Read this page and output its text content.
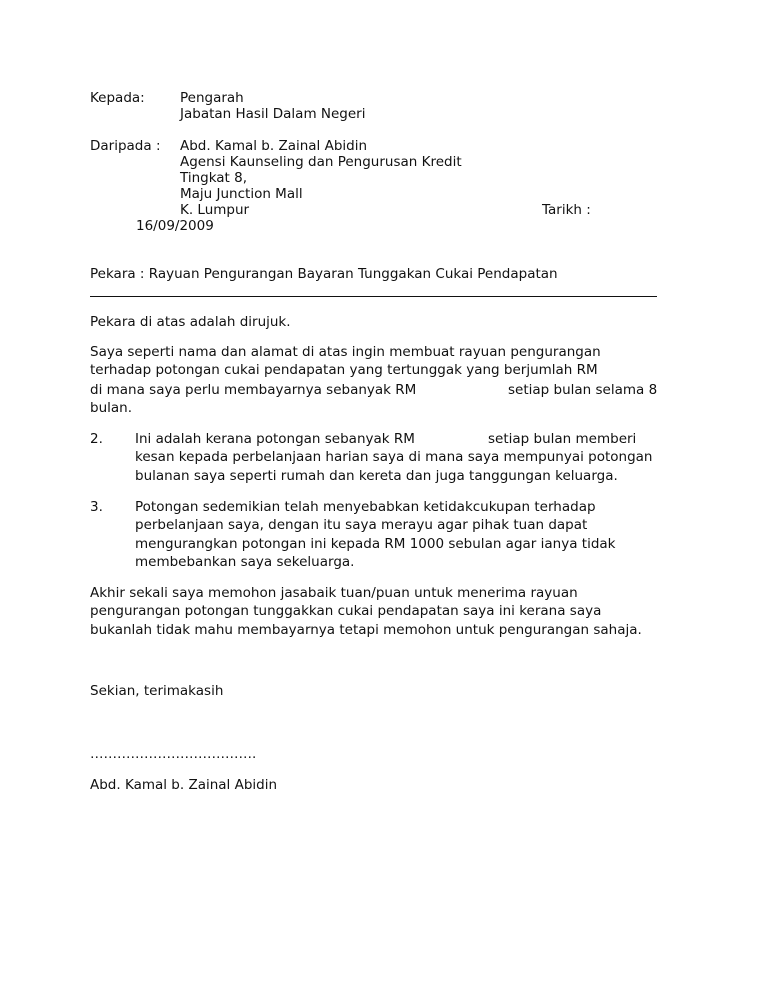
Kepada:	Pengarah
Jabatan Hasil Dalam Negeri
Daripada : Abd. Kamal b. Zainal Abidin
Agensi Kaunseling dan Pengurusan Kredit
Tingkat 8,
Maju Junction Mall
K. Lumpur	Tarikh :
16/09/2009
Pekara : Rayuan Pengurangan Bayaran Tunggakan Cukai Pendapatan
Pekara di atas adalah dirujuk.
Saya seperti nama dan alamat di atas ingin membuat rayuan pengurangan
terhadap potongan cukai pendapatan yang tertunggak yang berjumlah RM
di mana saya perlu membayarnya sebanyak RM	setiap bulan selama 8
bulan.
2. Ini adalah kerana potongan sebanyak RM	setiap bulan memberi
kesan kepada perbelanjaan harian saya di mana saya mempunyai potongan
bulanan saya seperti rumah dan kereta dan juga tanggungan keluarga.
3. Potongan sedemikian telah menyebabkan ketidakcukupan terhadap
perbelanjaan saya, dengan itu saya merayu agar pihak tuan dapat
mengurangkan potongan ini kepada RM 1000 sebulan agar ianya tidak
membebankan saya sekeluarga.
Akhir sekali saya memohon jasabaik tuan/puan untuk menerima rayuan
pengurangan potongan tunggakkan cukai pendapatan saya ini kerana saya
bukanlah tidak mahu membayarnya tetapi memohon untuk pengurangan sahaja.
Sekian, terimakasih
……………………………….
Abd. Kamal b. Zainal Abidin
